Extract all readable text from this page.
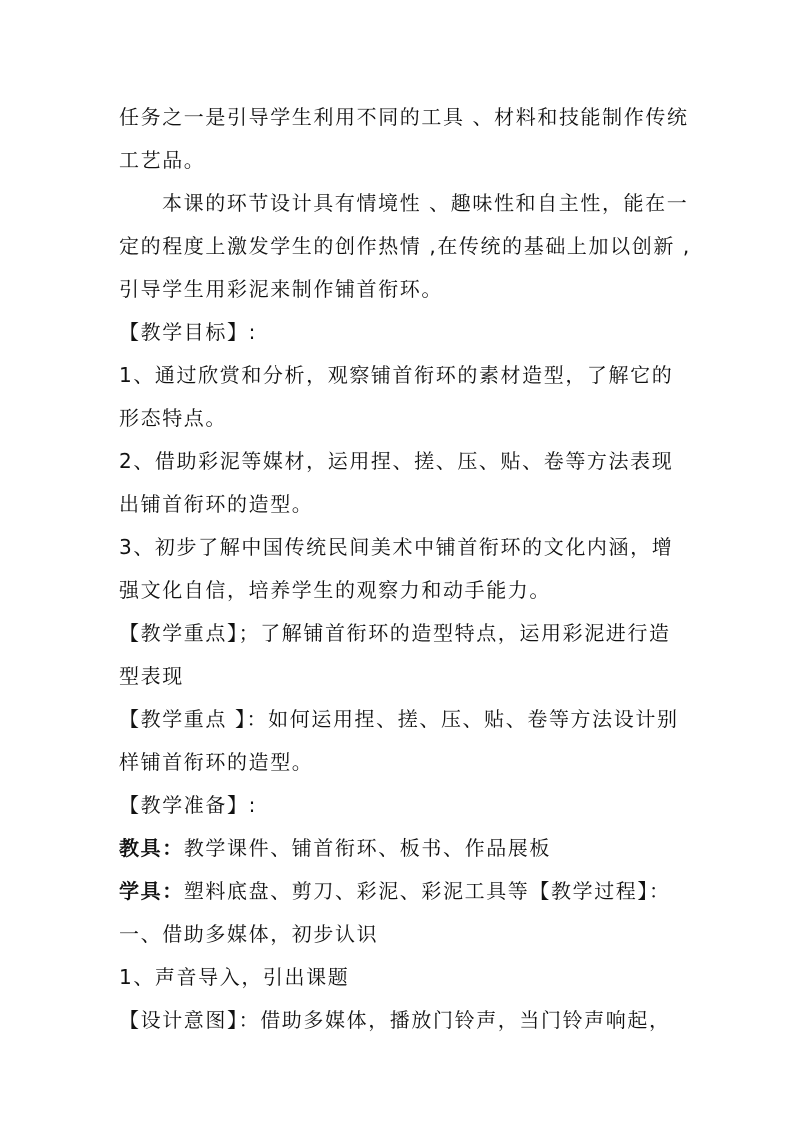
任务之一是引导学生利用不同的工具 、材料和技能制作传统
工艺品。
本课的环节设计具有情境性 、趣味性和自主性，能在一
定的程度上激发学生的创作热情 ,在传统的基础上加以创新 ,
引导学生用彩泥来制作铺首衔环。
【教学目标】:
1、通过欣赏和分析，观察铺首衔环的素材造型，了解它的
形态特点。
2、借助彩泥等媒材，运用捏、搓、压、贴、卷等方法表现
出铺首衔环的造型。
3、初步了解中国传统民间美术中铺首衔环的文化内涵，增
强文化自信，培养学生的观察力和动手能力。
【教学重点】；了解铺首衔环的造型特点，运用彩泥进行造
型表现
【教学重点 】：如何运用捏、搓、压、贴、卷等方法设计别
样铺首衔环的造型。
【教学准备】:
教具：教学课件、铺首衔环、板书、作品展板
学具：塑料底盘、剪刀、彩泥、彩泥工具等【教学过程】：
一、借助多媒体，初步认识
1、声音导入，引出课题
【设计意图】：借助多媒体，播放门铃声，当门铃声响起，
